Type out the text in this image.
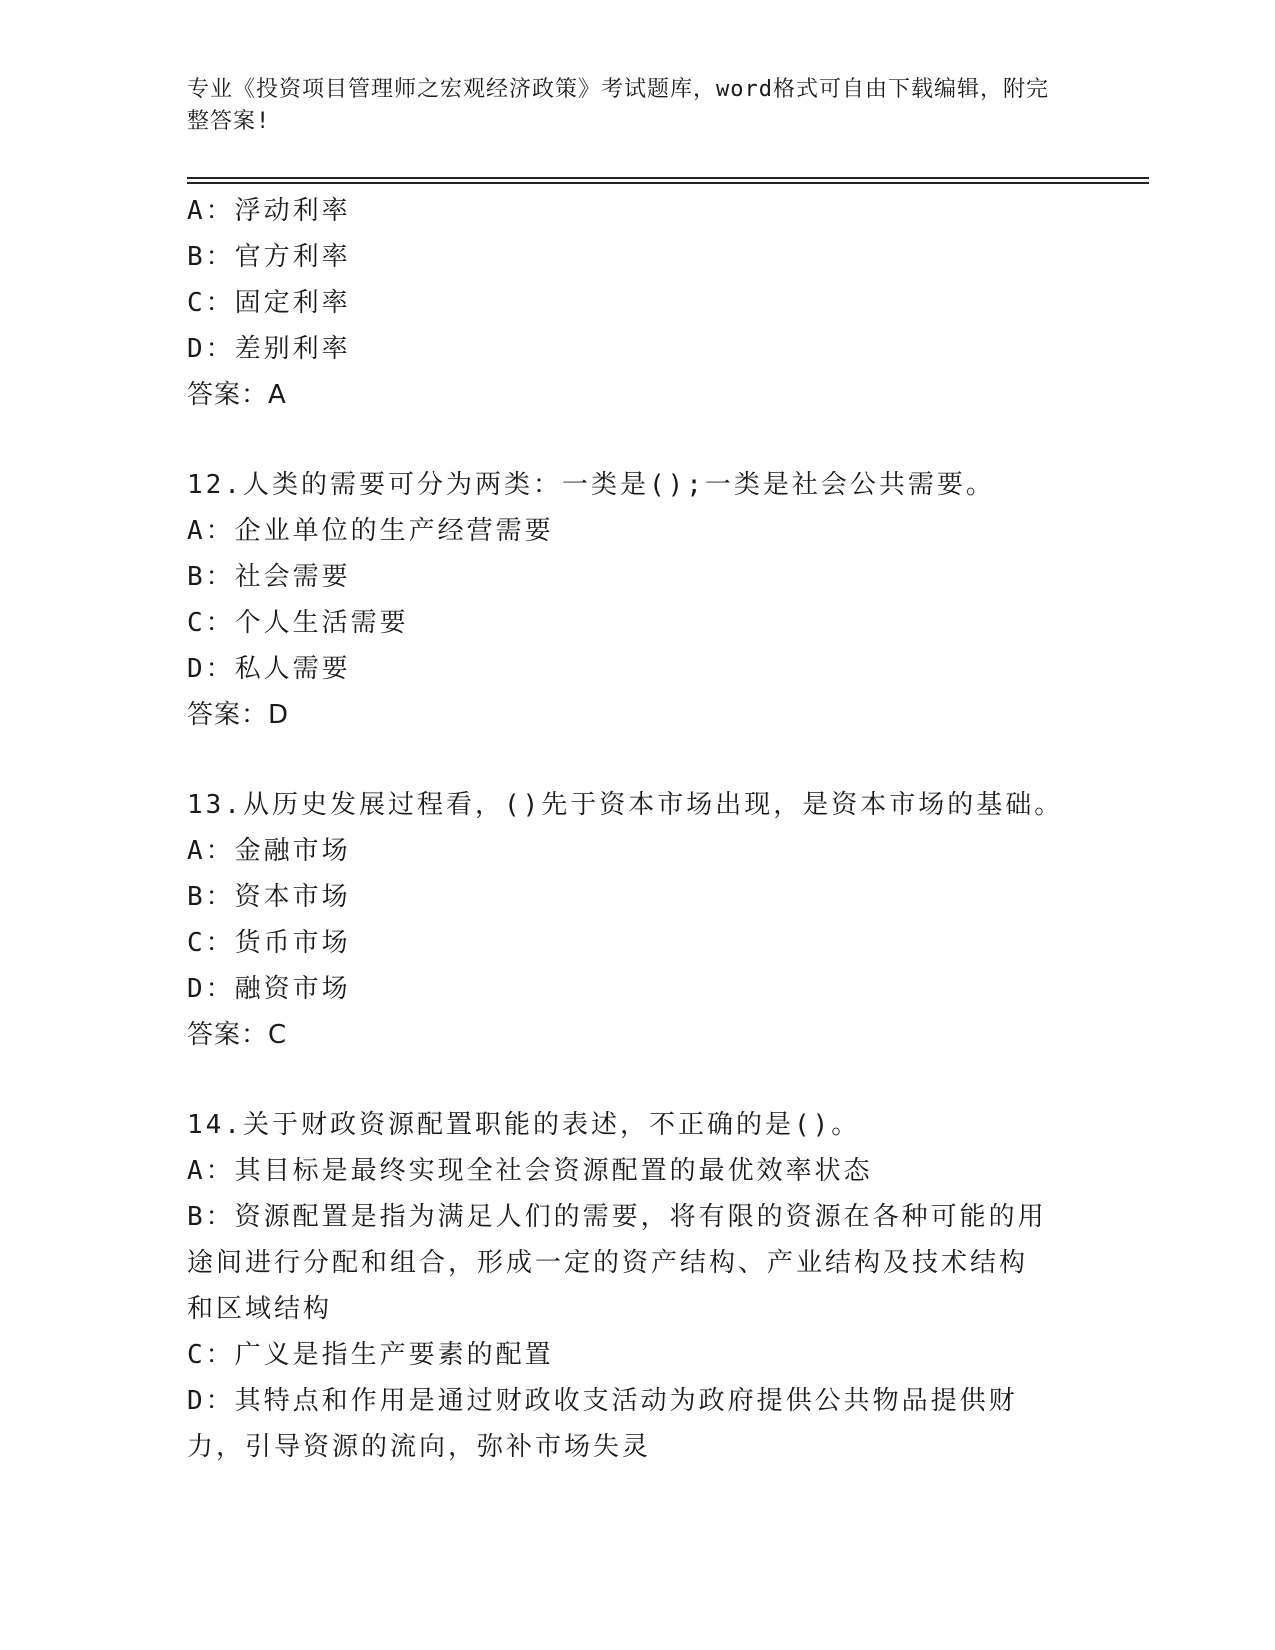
专业《投资项目管理师之宏观经济政策》考试题库，word格式可自由下载编辑，附完整答案!
A：浮动利率
B：官方利率
C：固定利率
D：差别利率
答案：A
12.人类的需要可分为两类：一类是();一类是社会公共需要。
A：企业单位的生产经营需要
B：社会需要
C：个人生活需要
D：私人需要
答案：D
13.从历史发展过程看，()先于资本市场出现，是资本市场的基础。
A：金融市场
B：资本市场
C：货币市场
D：融资市场
答案：C
14.关于财政资源配置职能的表述，不正确的是()。
A：其目标是最终实现全社会资源配置的最优效率状态
B：资源配置是指为满足人们的需要，将有限的资源在各种可能的用途间进行分配和组合，形成一定的资产结构、产业结构及技术结构和区域结构
C：广义是指生产要素的配置
D：其特点和作用是通过财政收支活动为政府提供公共物品提供财力，引导资源的流向，弥补市场失灵
